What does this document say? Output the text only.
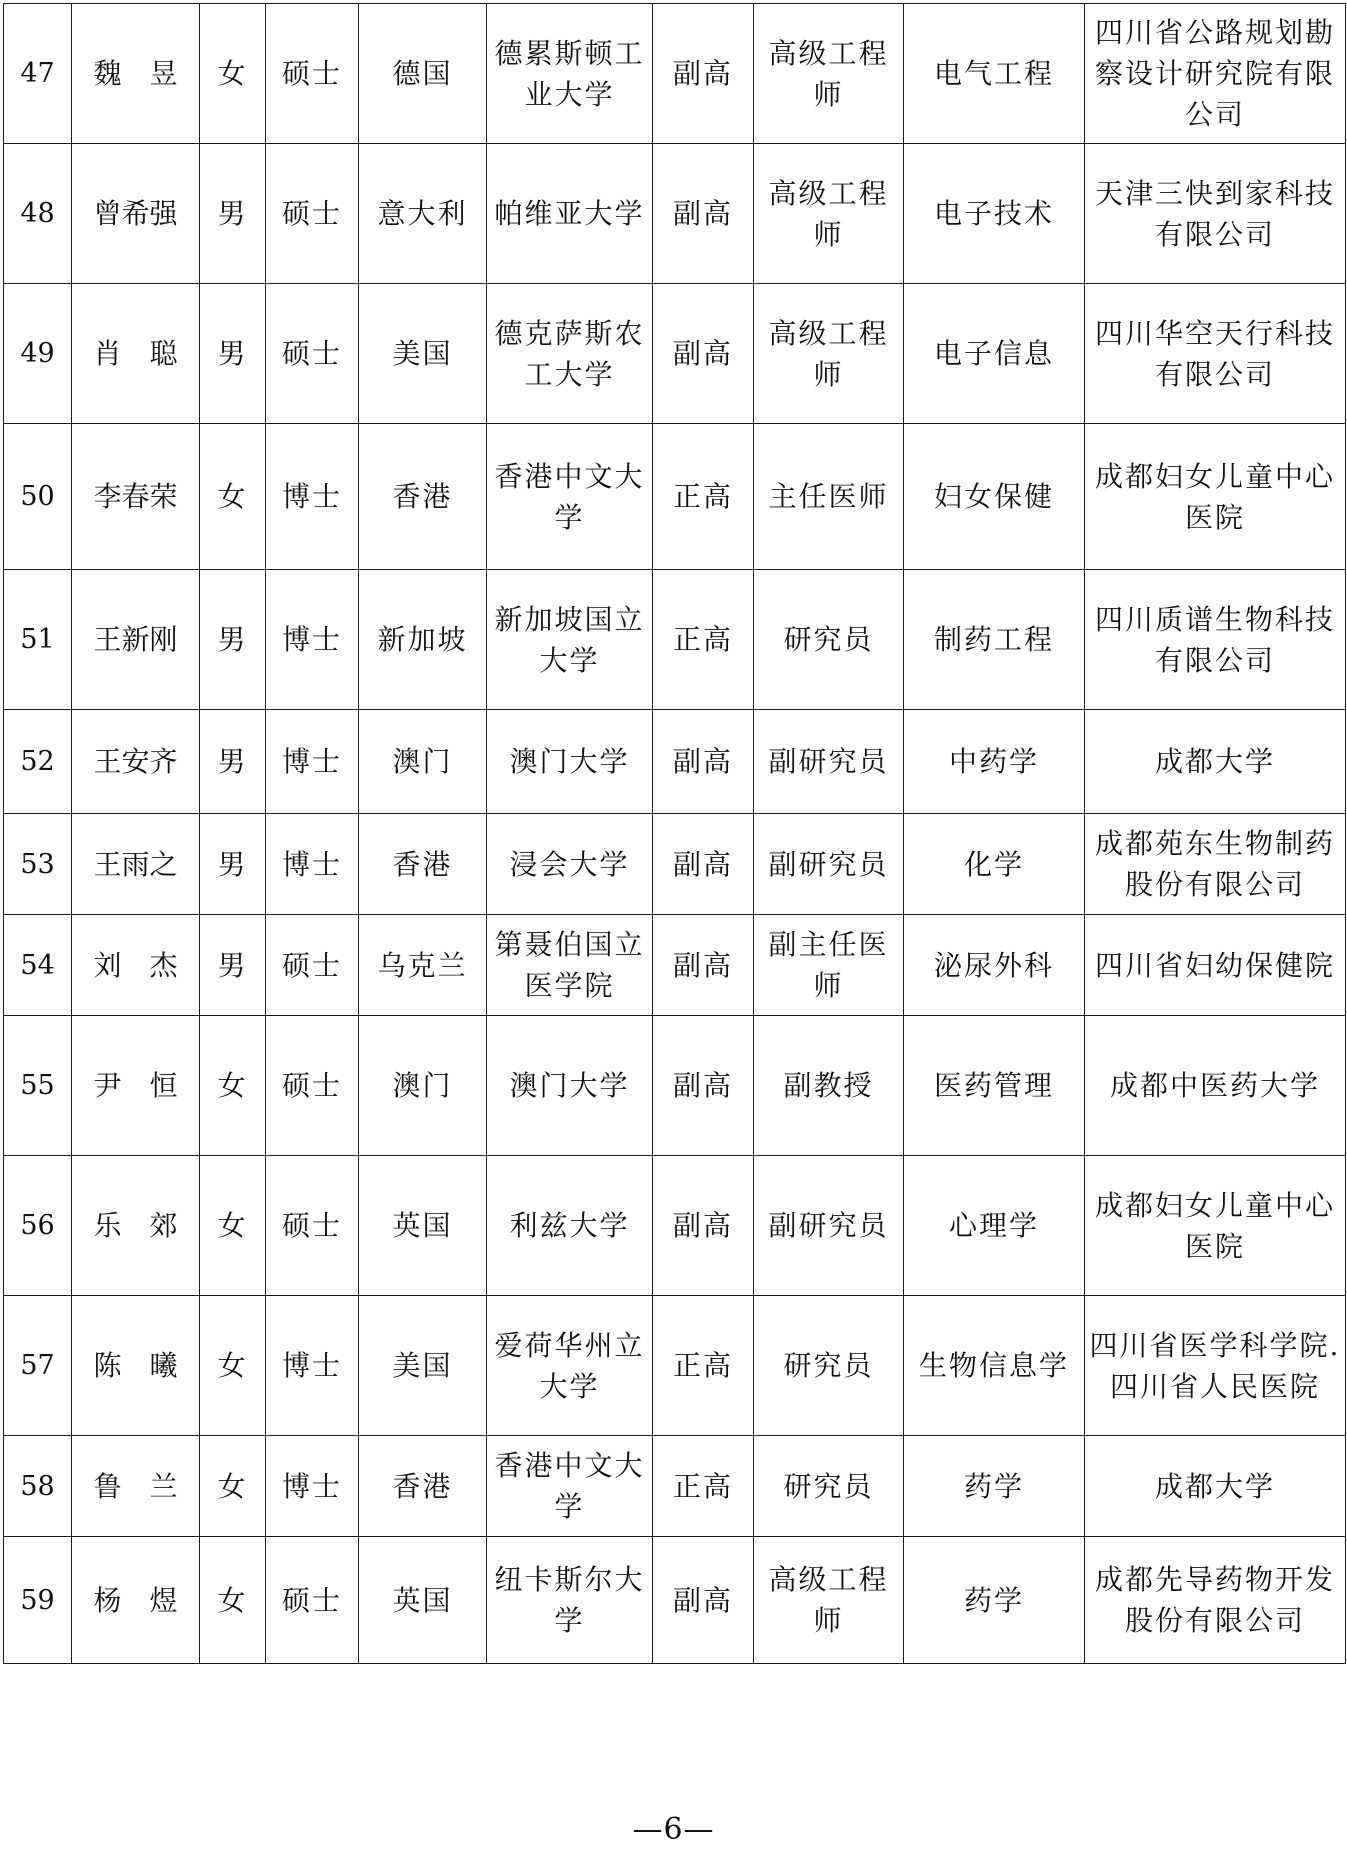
47	魏　昱	女	硕士	德国	德累斯顿工业大学	副高	高级工程师	电气工程	四川省公路规划勘察设计研究院有限公司
48	曾希强	男	硕士	意大利	帕维亚大学	副高	高级工程师	电子技术	天津三快到家科技有限公司
49	肖　聪	男	硕士	美国	德克萨斯农工大学	副高	高级工程师	电子信息	四川华空天行科技有限公司
50	李春荣	女	博士	香港	香港中文大学	正高	主任医师	妇女保健	成都妇女儿童中心医院
51	王新刚	男	博士	新加坡	新加坡国立大学	正高	研究员	制药工程	四川质谱生物科技有限公司
52	王安齐	男	博士	澳门	澳门大学	副高	副研究员	中药学	成都大学
53	王雨之	男	博士	香港	浸会大学	副高	副研究员	化学	成都苑东生物制药股份有限公司
54	刘　杰	男	硕士	乌克兰	第聂伯国立医学院	副高	副主任医师	泌尿外科	四川省妇幼保健院
55	尹　恒	女	硕士	澳门	澳门大学	副高	副教授	医药管理	成都中医药大学
56	乐　郊	女	硕士	英国	利兹大学	副高	副研究员	心理学	成都妇女儿童中心医院
57	陈　曦	女	博士	美国	爱荷华州立大学	正高	研究员	生物信息学	四川省医学科学院.四川省人民医院
58	鲁　兰	女	博士	香港	香港中文大学	正高	研究员	药学	成都大学
59	杨　煜	女	硕士	英国	纽卡斯尔大学	副高	高级工程师	药学	成都先导药物开发股份有限公司
—6—
